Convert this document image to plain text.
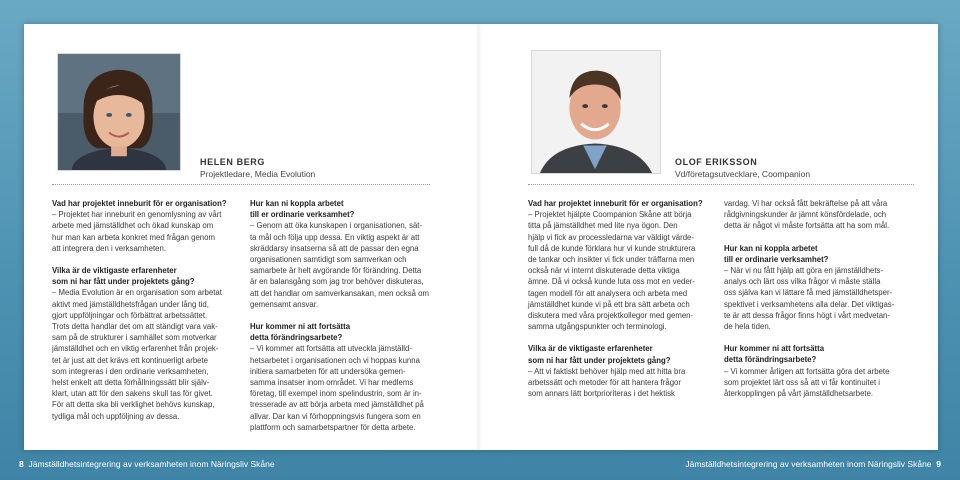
HELEN BERG
Projektledare, Media Evolution
OLOF ERIKSSON
Vd/företagsutvecklare, Coompanion
Vad har projektet inneburit för er organisation?

– Projektet har inneburit en genomlysning av vårt

arbete med jämställdhet och ökad kunskap om

hur man kan arbeta konkret med frågan genom

att integrera den i verksamheten.

Vilka är de viktigaste erfarenheter
som ni har fått under projektets gång?

– Media Evolution är en organisation som arbetat

aktivt med jämställdhetsfrågan under lång tid,

gjort uppföljningar och förbättrat arbetssättet.

Trots detta handlar det om att ständigt vara vak-

sam på de strukturer i samhället som motverkar

jämställdhet och en viktig erfarenhet från projek-

tet är just att det krävs ett kontinuerligt arbete

som integreras i den ordinarie verksamheten,

helst enkelt att detta förhållningssätt blir själv-

klart, utan att för den sakens skull tas för givet.

För att detta ska bli verklighet behövs kunskap,

tydliga mål och uppföljning av dessa.

Hur kan ni koppla arbetet
till er ordinarie verksamhet?

– Genom att öka kunskapen i organisationen, sät-

ta mål och följa upp dessa. En viktig aspekt är att

skräddarsy insatserna så att de passar den egna

organisationen samtidigt som samverkan och

samarbete är helt avgörande för förändring. Detta

är en balansgång som jag tror behöver diskuteras,

att det handlar om samverkansakan, men också om

gemensamt ansvar.

Hur kommer ni att fortsätta
detta förändringsarbete?

– Vi kommer att fortsätta att utveckla jämställd-

hetsarbetet i organisationen och vi hoppas kunna

initiera samarbeten för att undersöka gemen-

samma insatser inom området. Vi har medlems

företag, till exempel inom spelindustrin, som är in-

tresserade av att börja arbeta med jämställdhet på

allvar. Dar kan vi förhoppningsvis fungera som en

plattform och samarbetspartner för detta arbete.

Vad har projektet inneburit för er organisation?

– Projektet hjälpte Coompanion Skåne att börja

titta på jämställdhet med lite nya ögon. Den

hjälp vi fick av processledarna var väldigt värde-

full då de kunde förklara hur vi kunde strukturera

de tankar och insikter vi fick under träffarna men

också när vi internt diskuterade detta viktiga

ämne. Då vi också kunde luta oss mot en veder-

tagen modell för att analysera och arbeta med

jämställdhet kunde vi på ett bra sätt arbeta och

diskutera med våra projektkollegor med gemen-

samma utgångspunkter och terminologi.

Vilka är de viktigaste erfarenheter
som ni har fått under projektets gång?

– Att vi faktiskt behöver hjälp med att hitta bra

arbetssätt och metoder för att hantera frågor

som annars lätt bortprioriteras i det hektisk

vardag. Vi har också fått bekräftelse på att våra

rådgivningskunder är jämnt könsfördelade, och

detta är något vi måste fortsätta att ha som mål.

Hur kan ni koppla arbetet
till er ordinarie verksamhet?

– När vi nu fått hjälp att göra en jämställdhets-

analys och lärt oss vilka frågor vi måste ställa

oss själva kan vi lättare få med jämställdhetsper-

spektivet i verksamhetens alla delar. Det viktigas-

te är att dessa frågor finns högt i vårt medvetan-

de hela tiden.

Hur kommer ni att fortsätta
detta förändringsarbete?

– Vi kommer årligen att fortsätta göra det arbete

som projektet lärt oss så att vi får kontinuitet i

återkopplingen på vårt jämställdhetsarbete.

8 Jämställdhetsintegrering av verksamheten inom Näringsliv Skåne	Jämställdhetsintegrering av verksamheten inom Näringsliv Skåne 9
